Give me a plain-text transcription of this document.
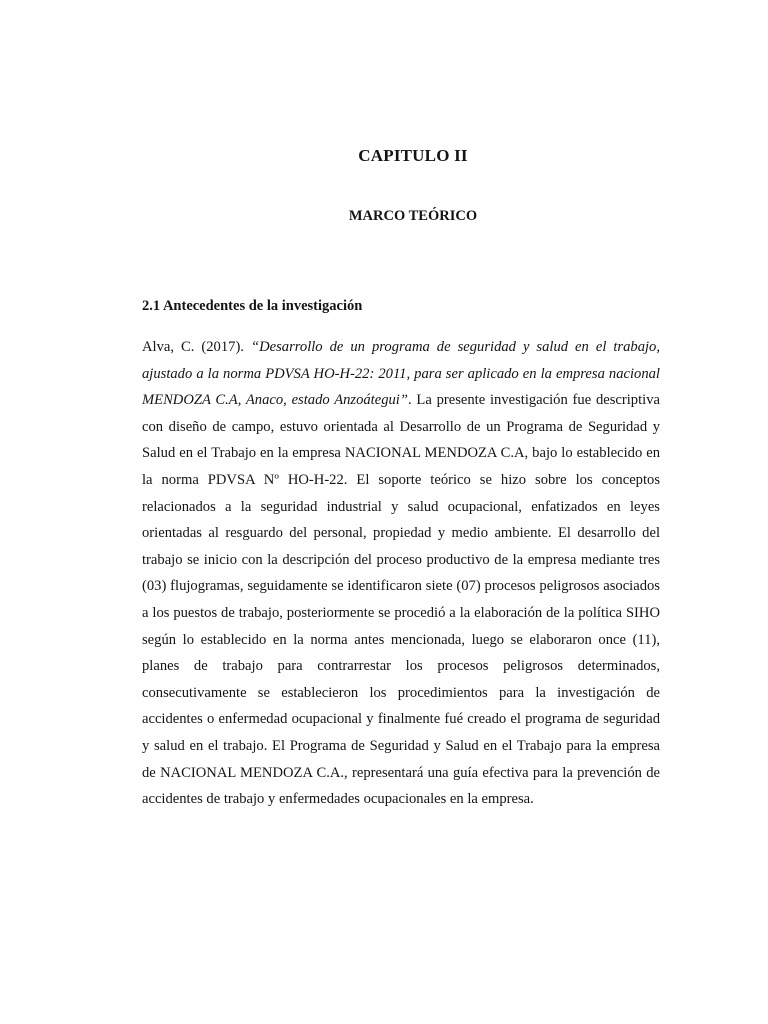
CAPITULO II
MARCO TEÓRICO
2.1 Antecedentes de la investigación

Alva, C. (2017). “Desarrollo de un programa de seguridad y salud en el trabajo, ajustado a la norma PDVSA HO-H-22: 2011, para ser aplicado en la empresa nacional MENDOZA C.A, Anaco, estado Anzoátegui”. La presente investigación fue descriptiva con diseño de campo, estuvo orientada al Desarrollo de un Programa de Seguridad y Salud en el Trabajo en la empresa NACIONAL MENDOZA C.A, bajo lo establecido en la norma PDVSA Nº HO-H-22. El soporte teórico se hizo sobre los conceptos relacionados a la seguridad industrial y salud ocupacional, enfatizados en leyes orientadas al resguardo del personal, propiedad y medio ambiente. El desarrollo del trabajo se inicio con la descripción del proceso productivo de la empresa mediante tres (03) flujogramas, seguidamente se identificaron siete (07) procesos peligrosos asociados a los puestos de trabajo, posteriormente se procedió a la elaboración de la política SIHO según lo establecido en la norma antes mencionada, luego se elaboraron once (11), planes de trabajo para contrarrestar los procesos peligrosos determinados, consecutivamente se establecieron los procedimientos para la investigación de accidentes o enfermedad ocupacional y finalmente fué creado el programa de seguridad y salud en el trabajo. El Programa de Seguridad y Salud en el Trabajo para la empresa de NACIONAL MENDOZA C.A., representará una guía efectiva para la prevención de accidentes de trabajo y enfermedades ocupacionales en la empresa.
